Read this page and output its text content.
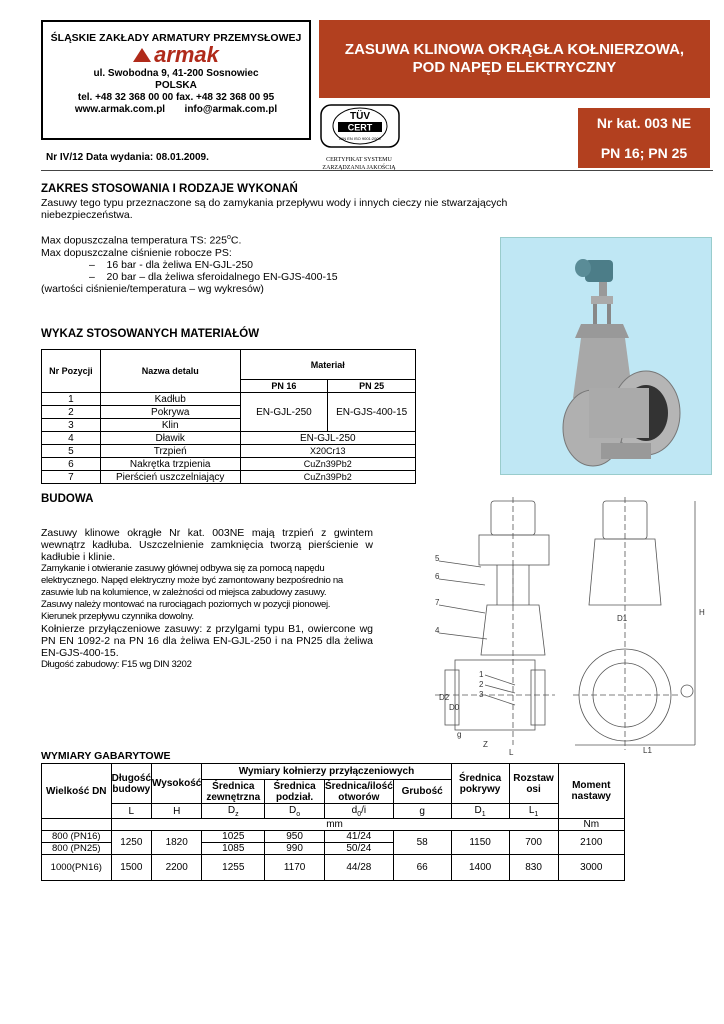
ŚLĄSKIE ZAKŁADY ARMATURY PRZEMYSŁOWEJ
armak
ul. Swobodna 9, 41-200 Sosnowiec
POLSKA
tel. +48 32 368 00 00 fax. +48 32 368 00 95
www.armak.com.pl info@armak.com.pl
ZASUWA KLINOWA OKRĄGŁA KOŁNIERZOWA,
POD NAPĘD ELEKTRYCZNY
Nr kat. 003 NE
PN 16; PN 25
TÜV
CERT
DIN EN ISO 9001:2000
CERTYFIKAT SYSTEMU
ZARZĄDZANIA JAKOŚCIĄ
Nr IV/12 Data wydania: 08.01.2009.
ZAKRES STOSOWANIA I RODZAJE WYKONAŃ
Zasuwy tego typu przeznaczone są do zamykania przepływu wody i innych cieczy nie stwarzających niebezpieczeństwa.
Max dopuszczalna temperatura TS: 225$^o$C.
Max dopuszczalne ciśnienie robocze PS:
–    16 bar - dla żeliwa EN-GJL-250
–    20 bar – dla żeliwa sferoidalnego EN-GJS-400-15
(wartości ciśnienie/temperatura – wg wykresów)
WYKAZ STOSOWANYCH MATERIAŁÓW
Nr Pozycji	Nazwa detalu	Materiał	
		PN 16	PN 25
1	Kadłub	EN-GJL-250	EN-GJS-400-15
2	Pokrywa		
3	Klin		
4	Dławik	EN-GJL-250	
5	Trzpień	X20Cr13	
6	Nakrętka trzpienia	CuZn39Pb2	
7	Pierścień uszczelniający	CuZn39Pb2	
BUDOWA
Zasuwy klinowe okrągłe Nr kat. 003NE mają trzpień z gwintem wewnątrz kadłuba. Uszczelnienie zamknięcia tworzą pierścienie w kadłubie i klinie.
Zamykanie i otwieranie zasuwy głównej odbywa się za pomocą napędu elektrycznego. Napęd elektryczny może być zamontowany bezpośrednio na zasuwie lub na kolumience, w zależności od miejsca zabudowy zasuwy.
Zasuwy należy montować na rurociągach poziomych w pozycji pionowej.
Kierunek przepływu czynnika dowolny.
Kołnierze przyłączeniowe zasuwy: z przylgami typu B1, owiercone wg PN EN 1092-2 na PN 16 dla żeliwa EN-GJL-250 i na PN25 dla żeliwa EN-GJS-400-15.
Długość zabudowy: F15 wg DIN 3202
5
6
7
4
1
2
3
Z
L	L1
D2
D0
D1
H
g
WYMIARY GABARYTOWE
Wielkość DN	Długość budowy	Wysokość	Wymiary kołnierzy przyłączeniowych				Średnica pokrywy	Rozstaw osi	Moment nastawy
			Średnica zewnętrzna	Średnica podział.	Średnica/ilość otworów	Grubość			
	L	H	$D_z$	$D_o$	$d_0/i$	g	$D_1$	$L_1$
	mm								Nm
800 (PN16)	1250	1820	1025	950	41/24	58	1150	700	2100
800 (PN25)			1085	990	50/24				
1000(PN16)	1500	2200	1255	1170	44/28	66	1400	830	3000
